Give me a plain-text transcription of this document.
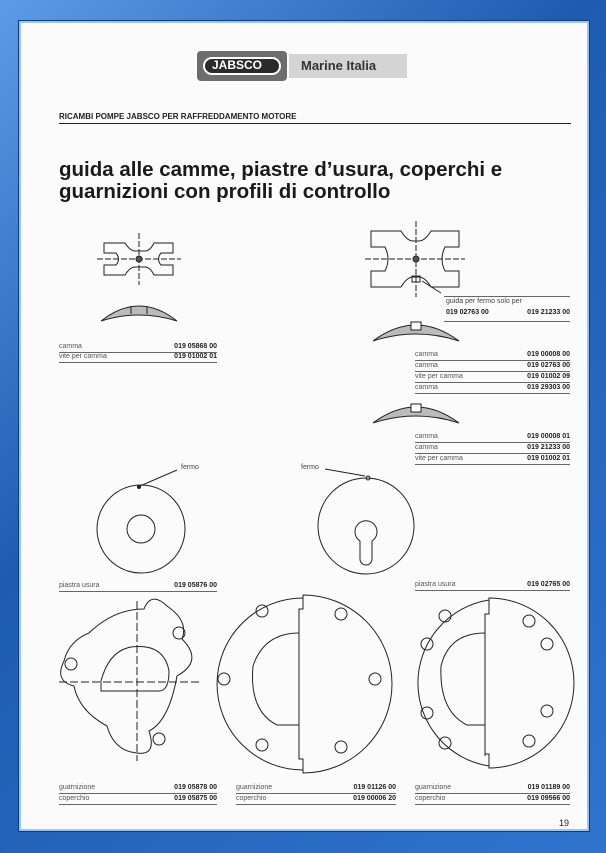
JABSCO	Marine Italia
RICAMBI POMPE JABSCO PER RAFFREDDAMENTO MOTORE
guida alle camme, piastre d’usura, coperchi e
guarnizioni con profili di controllo
fermo	fermo
camma	019 05868 00
vite per camma	019 01002 01
guida per fermo solo per
019 02763 00	019 21233 00
camma	019 00008 00
camma	019 02763 00
vite per camma	019 01002 09
camma	019 29303 00
camma	019 00008 01
camma	019 21233 00
vite per camma	019 01002 01
piastra usura	019 05876 00	piastra usura	019 02765 00
guarnizione	019 05878 00
coperchio	019 05875 00
guarnizione	019 01126 00
coperchio	019 00006 20
guarnizione	019 01189 00
coperchio	019 09566 00
19
